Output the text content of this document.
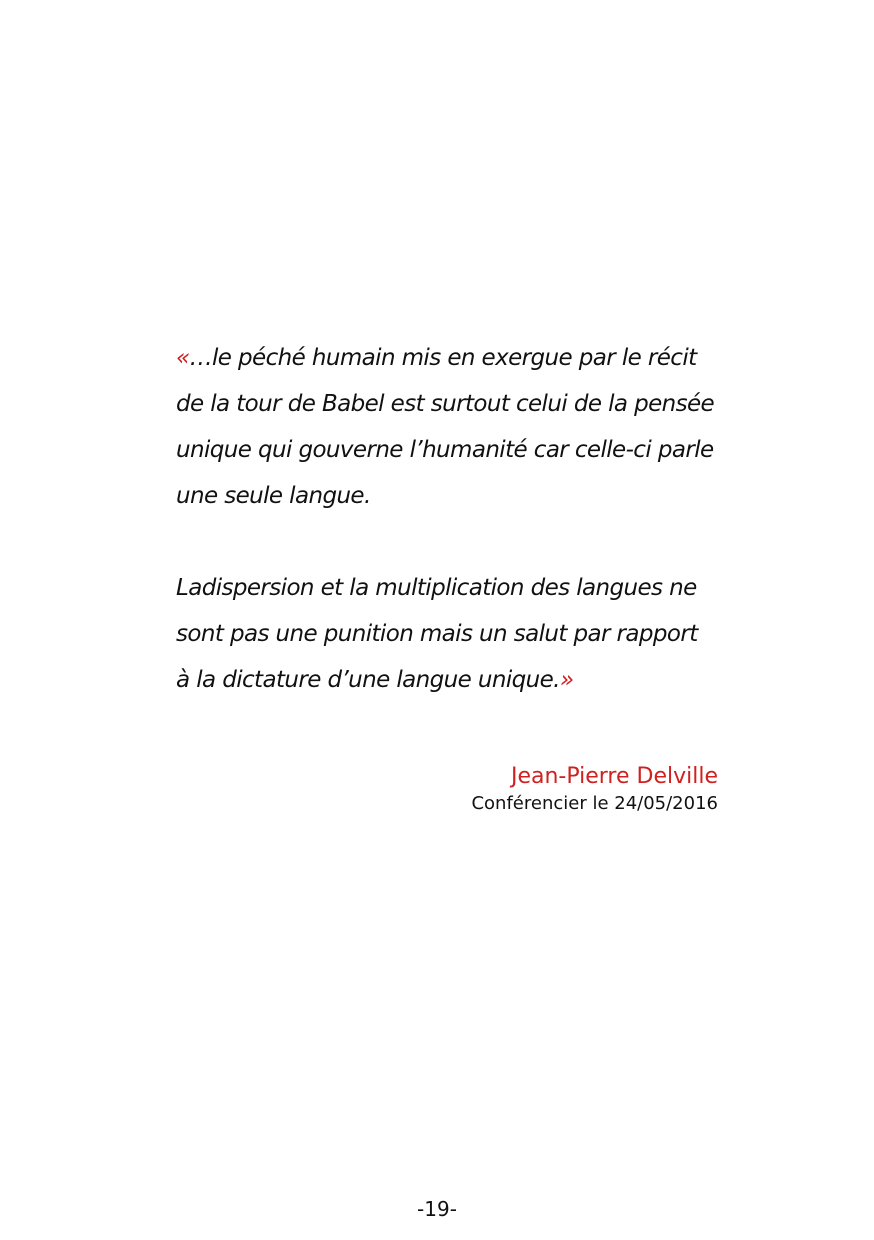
«…le péché humain mis en exergue par le récit
de la tour de Babel est surtout celui de la pensée
unique qui gouverne l’humanité car celle-ci parle
une seule langue.
Ladispersion et la multiplication des langues ne
sont pas une punition mais un salut par rapport
à la dictature d’une langue unique.»
Jean-Pierre Delville
Conférencier le 24/05/2016
-19-
